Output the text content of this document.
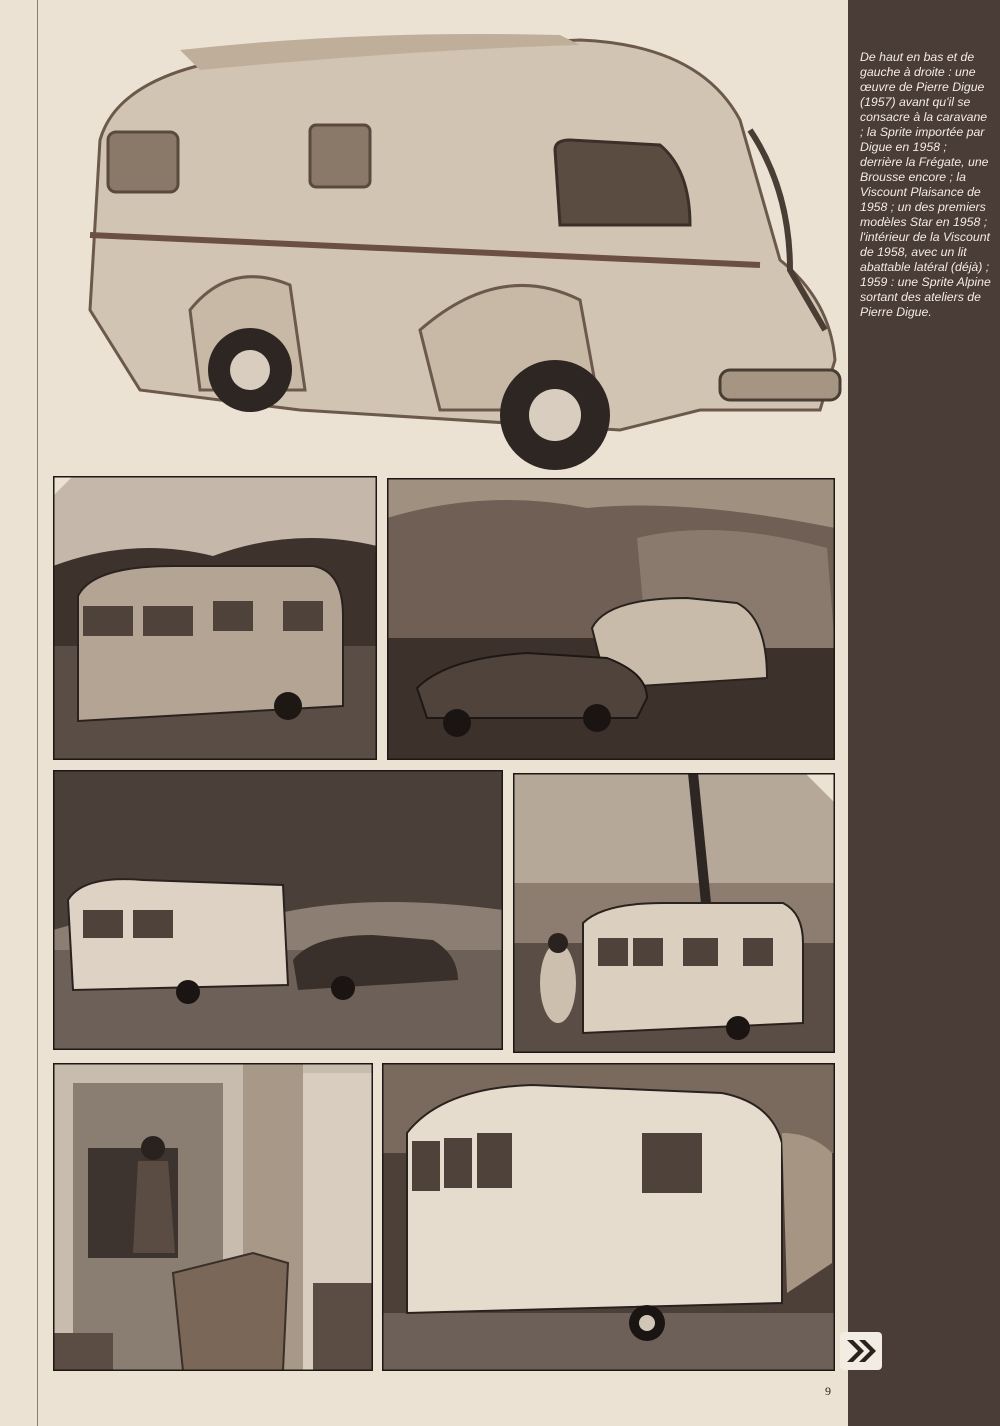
De haut en bas et de gauche à droite : une œuvre de Pierre Digue (1957) avant qu'il se consacre à la caravane ; la Sprite importée par Digue en 1958 ; derrière la Frégate, une Brousse encore ; la Viscount Plaisance de 1958 ; un des premiers modèles Star en 1958 ; l'intérieur de la Viscount de 1958, avec un lit abattable latéral (déjà) ; 1959 : une Sprite Alpine sortant des ateliers de Pierre Digue.

9
